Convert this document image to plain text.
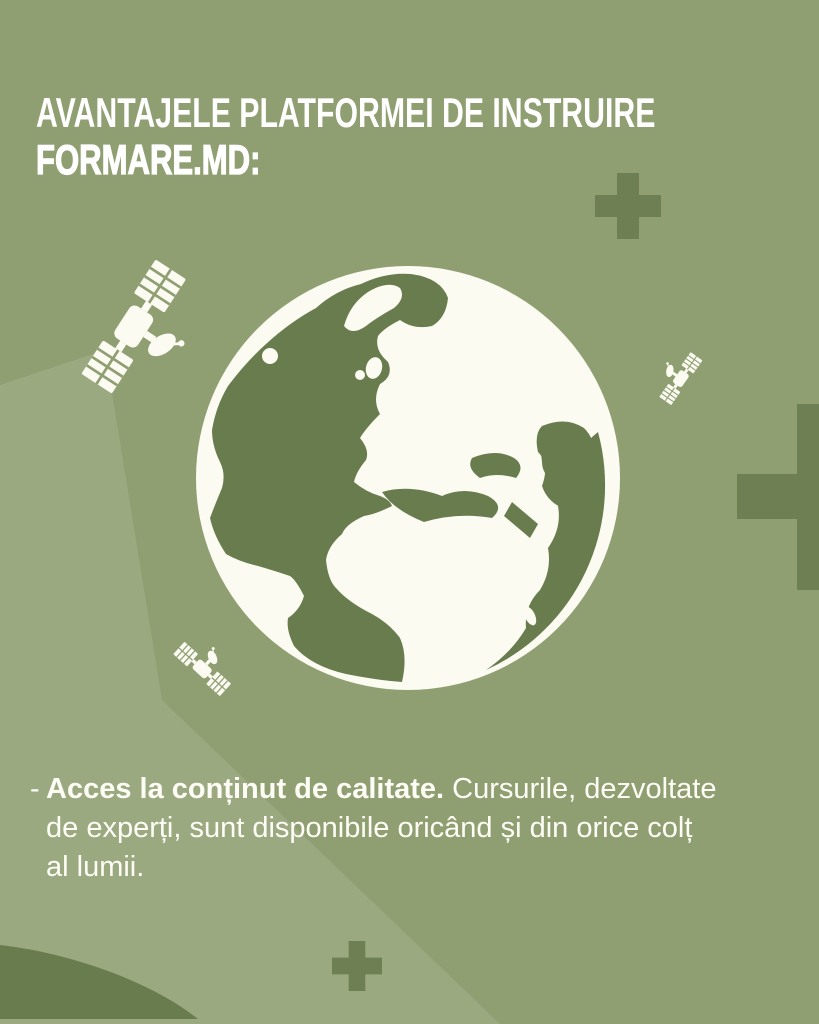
AVANTAJELE PLATFORMEI DE INSTRUIRE
FORMARE.MD:
- Acces la conținut de calitate. Cursurile, dezvoltate
de experți, sunt disponibile oricând și din orice colț
al lumii.
